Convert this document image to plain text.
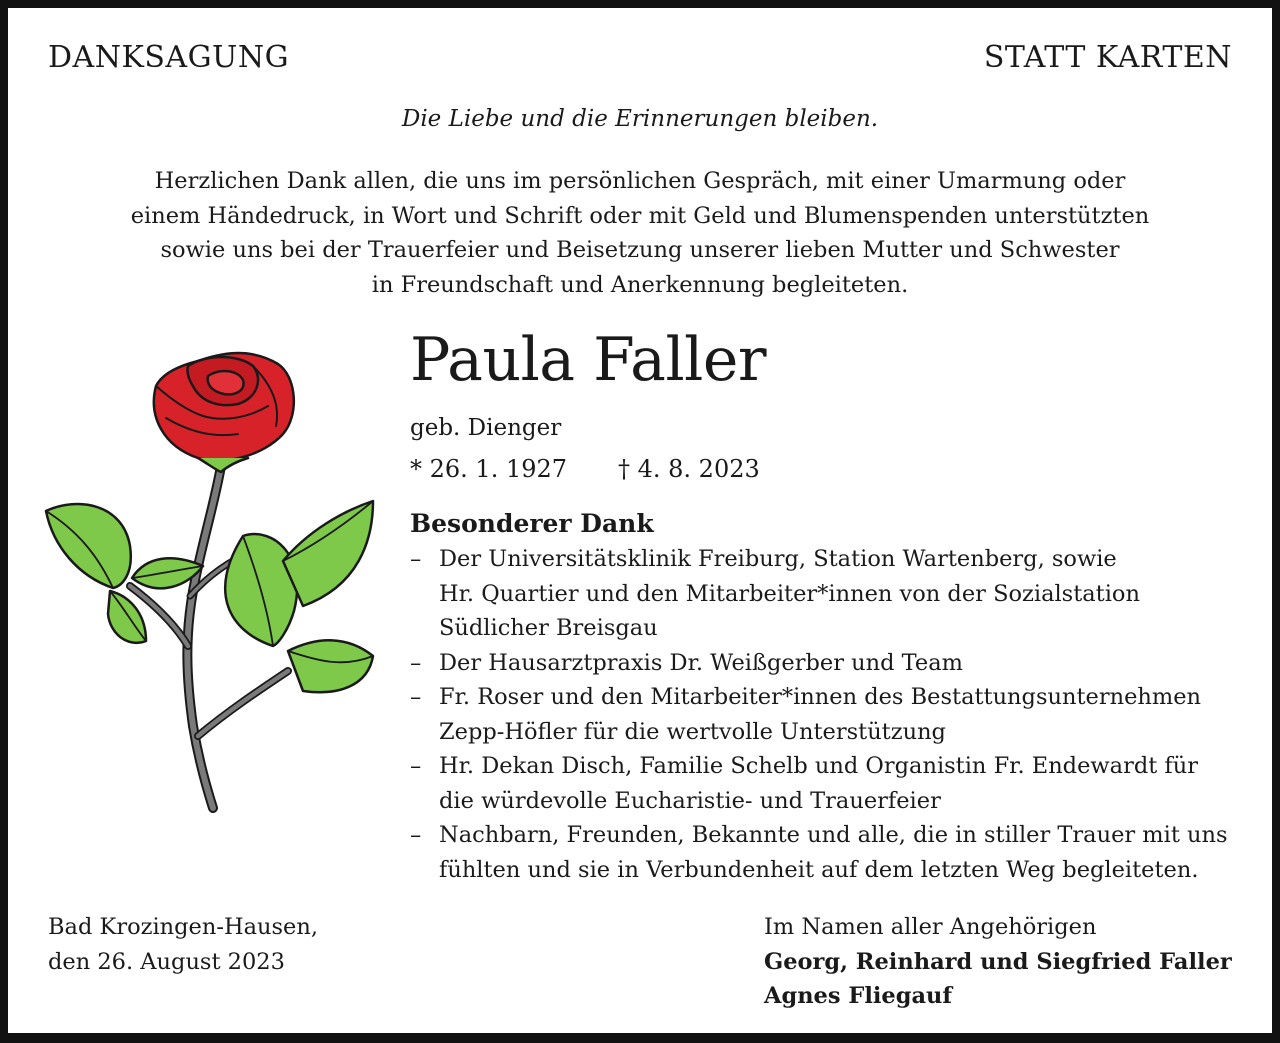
DANKSAGUNG	STATT KARTEN
Die Liebe und die Erinnerungen bleiben.
Herzlichen Dank allen, die uns im persönlichen Gespräch, mit einer Umarmung oder
einem Händedruck, in Wort und Schrift oder mit Geld und Blumenspenden unterstützten
sowie uns bei der Trauerfeier und Beisetzung unserer lieben Mutter und Schwester
in Freundschaft und Anerkennung begleiteten.
Paula Faller
geb. Dienger
* 26. 1. 1927 † 4. 8. 2023
Besonderer Dank
– Der Universitätsklinik Freiburg, Station Wartenberg, sowie
Hr. Quartier und den Mitarbeiter*innen von der Sozialstation
Südlicher Breisgau
– Der Hausarztpraxis Dr. Weißgerber und Team
– Fr. Roser und den Mitarbeiter*innen des Bestattungsunternehmen
Zepp-Höfler für die wertvolle Unterstützung
– Hr. Dekan Disch, Familie Schelb und Organistin Fr. Endewardt für
die würdevolle Eucharistie- und Trauerfeier
– Nachbarn, Freunden, Bekannte und alle, die in stiller Trauer mit uns
fühlten und sie in Verbundenheit auf dem letzten Weg begleiteten.
Bad Krozingen-Hausen,
den 26. August 2023
Im Namen aller Angehörigen
Georg, Reinhard und Siegfried Faller
Agnes Fliegauf
